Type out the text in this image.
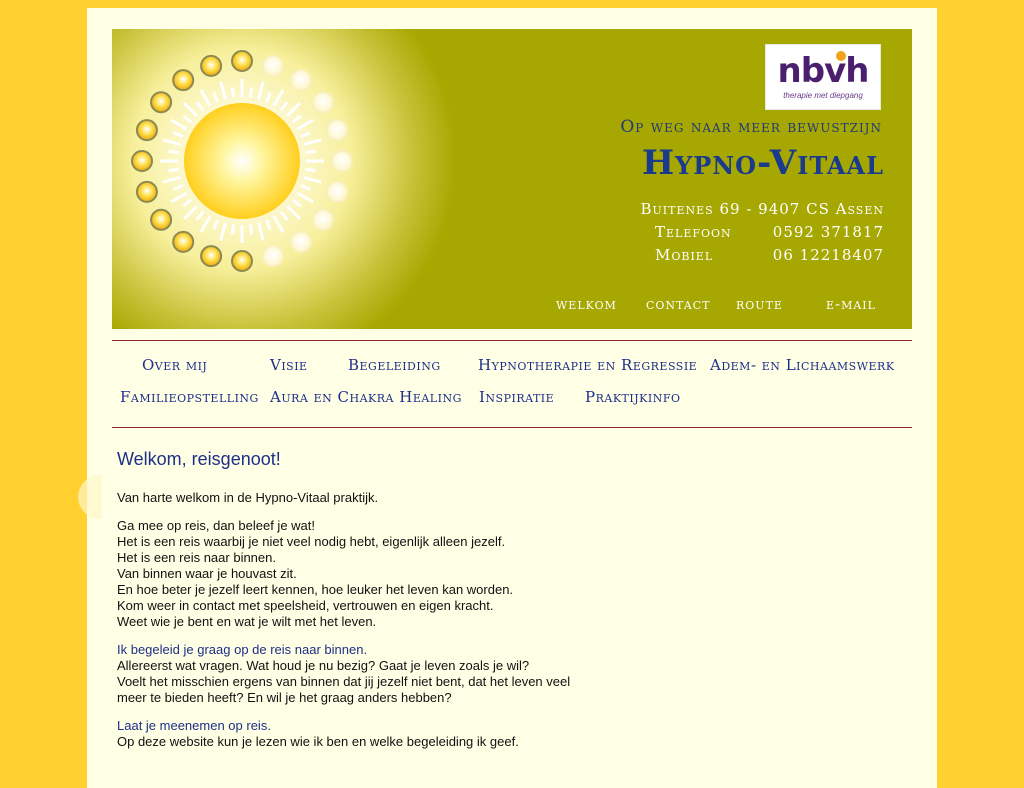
nbvh
therapie met diepgang
Op weg naar meer bewustzijn
Hypno-Vitaal
Buitenes 69 - 9407 CS Assen
Telefoon	0592 371817
Mobiel	06 12218407
welkom contact route	e-mail
Over mij	Visie	Begeleiding Hypnotherapie en Regressie Adem- en Lichaamswerk
Familieopstelling Aura en Chakra Healing Inspiratie Praktijkinfo
Welkom, reisgenoot!
Van harte welkom in de Hypno-Vitaal praktijk.
Ga mee op reis, dan beleef je wat!
Het is een reis waarbij je niet veel nodig hebt, eigenlijk alleen jezelf.
Het is een reis naar binnen.
Van binnen waar je houvast zit.
En hoe beter je jezelf leert kennen, hoe leuker het leven kan worden.
Kom weer in contact met speelsheid, vertrouwen en eigen kracht.
Weet wie je bent en wat je wilt met het leven.
Ik begeleid je graag op de reis naar binnen.
Allereerst wat vragen. Wat houd je nu bezig? Gaat je leven zoals je wil?
Voelt het misschien ergens van binnen dat jij jezelf niet bent, dat het leven veel
meer te bieden heeft? En wil je het graag anders hebben?
Laat je meenemen op reis.
Op deze website kun je lezen wie ik ben en welke begeleiding ik geef.
